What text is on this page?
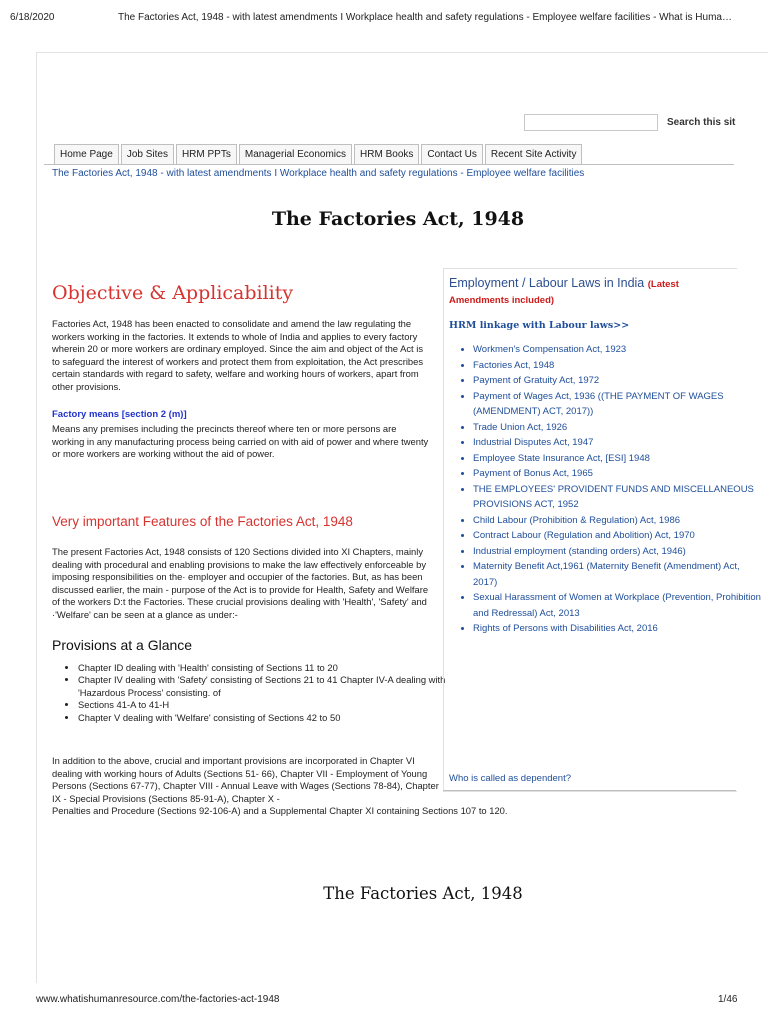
6/18/2020	The Factories Act, 1948 - with latest amendments I Workplace health and safety regulations - Employee welfare facilities - What is Huma…
Search this sit
Home Page	Job Sites	HRM PPTs	Managerial Economics	HRM Books	Contact Us	Recent Site Activity
The Factories Act, 1948 - with latest amendments I Workplace health and safety regulations - Employee welfare facilities
The Factories Act, 1948
Objective & Applicability
Factories Act, 1948 has been enacted to consolidate and amend the law regulating the workers working in the factories. It extends to whole of India and applies to every factory wherein 20 or more workers are ordinary employed. Since the aim and object of the Act is to safeguard the interest of workers and protect them from exploitation, the Act prescribes certain standards with regard to safety, welfare and working hours of workers, apart from other provisions.
Factory means [section 2 (m)]
Means any premises including the precincts thereof where ten or more persons are working in any manufacturing process being carried on with aid of power and where twenty or more workers are working without the aid of power.
Very important Features of the Factories Act, 1948
The present Factories Act, 1948 consists of 120 Sections divided into XI Chapters, mainly dealing with procedural and enabling provisions to make the law effectively enforceable by imposing responsibilities on the· employer and occupier of the factories. But, as has been discussed earlier, the main - purpose of the Act is to provide for Health, Safety and Welfare of the workers D:t the Factories. These crucial provisions dealing with 'Health', 'Safety' and ·'Welfare' can be seen at a glance as under:-
Provisions at a Glance
• Chapter ID dealing with 'Health' consisting of Sections 11 to 20
• Chapter IV dealing with 'Safety' consisting of Sections 21 to 41 Chapter IV-A dealing with 'Hazardous Process' consisting. of
• Sections 41-A to 41-H
• Chapter V dealing with 'Welfare' consisting of Sections 42 to 50
In addition to the above, crucial and important provisions are incorporated in Chapter VI dealing with working hours of Adults (Sections 51- 66), Chapter VII - Employment of Young Persons (Sections 67-77), Chapter VIII - Annual Leave with Wages (Sections 78-84), Chapter IX - Special Provisions (Sections 85-91-A), Chapter X -
Penalties and Procedure (Sections 92-106-A) and a Supplemental Chapter XI containing Sections 107 to 120.
Employment / Labour Laws in India (Latest Amendments included)
HRM linkage with Labour laws>>
• Workmen's Compensation Act, 1923
• Factories Act, 1948
• Payment of Gratuity Act, 1972
• Payment of Wages Act, 1936 ((THE PAYMENT OF WAGES (AMENDMENT) ACT, 2017))
• Trade Union Act, 1926
• Industrial Disputes Act, 1947
• Employee State Insurance Act, [ESI] 1948
• Payment of Bonus Act, 1965
• THE EMPLOYEES' PROVIDENT FUNDS AND MISCELLANEOUS PROVISIONS ACT, 1952
• Child Labour (Prohibition & Regulation) Act, 1986
• Contract Labour (Regulation and Abolition) Act, 1970
• Industrial employment (standing orders) Act, 1946)
• Maternity Benefit Act,1961 (Maternity Benefit (Amendment) Act, 2017)
• Sexual Harassment of Women at Workplace (Prevention, Prohibition and Redressal) Act, 2013
• Rights of Persons with Disabilities Act, 2016
Who is called as dependent?
The Factories Act, 1948
www.whatishumanresource.com/the-factories-act-1948	1/46
